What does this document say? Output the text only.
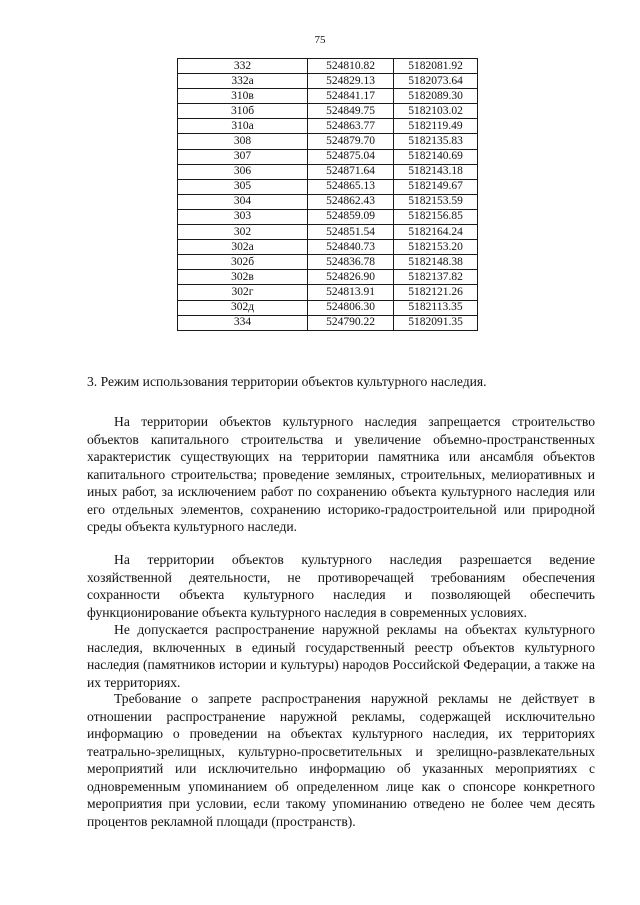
75
332	524810.82	5182081.92
332а	524829.13	5182073.64
310в	524841.17	5182089.30
310б	524849.75	5182103.02
310а	524863.77	5182119.49
308	524879.70	5182135.83
307	524875.04	5182140.69
306	524871.64	5182143.18
305	524865.13	5182149.67
304	524862.43	5182153.59
303	524859.09	5182156.85
302	524851.54	5182164.24
302а	524840.73	5182153.20
302б	524836.78	5182148.38
302в	524826.90	5182137.82
302г	524813.91	5182121.26
302д	524806.30	5182113.35
334	524790.22	5182091.35
3. Режим использования территории объектов культурного наследия.

На территории объектов культурного наследия запрещается строительство объектов капитального строительства и увеличение объемно-пространственных характеристик существующих на территории памятника или ансамбля объектов капитального строительства; проведение земляных, строительных, мелиоративных и иных работ, за исключением работ по сохранению объекта культурного наследия или его отдельных элементов, сохранению историко-градостроительной или природной среды объекта культурного наследи.

На территории объектов культурного наследия разрешается ведение хозяйственной деятельности, не противоречащей требованиям обеспечения сохранности объекта культурного наследия и позволяющей обеспечить функционирование объекта культурного наследия в современных условиях.

Не допускается распространение наружной рекламы на объектах культурного наследия, включенных в единый государственный реестр объектов культурного наследия (памятников истории и культуры) народов Российской Федерации, а также на их территориях.

Требование о запрете распространения наружной рекламы не действует в отношении распространение наружной рекламы, содержащей исключительно информацию о проведении на объектах культурного наследия, их территориях театрально-зрелищных, культурно-просветительных и зрелищно-развлекательных мероприятий или исключительно информацию об указанных мероприятиях с одновременным упоминанием об определенном лице как о спонсоре конкретного мероприятия при условии, если такому упоминанию отведено не более чем десять процентов рекламной площади (пространств).
